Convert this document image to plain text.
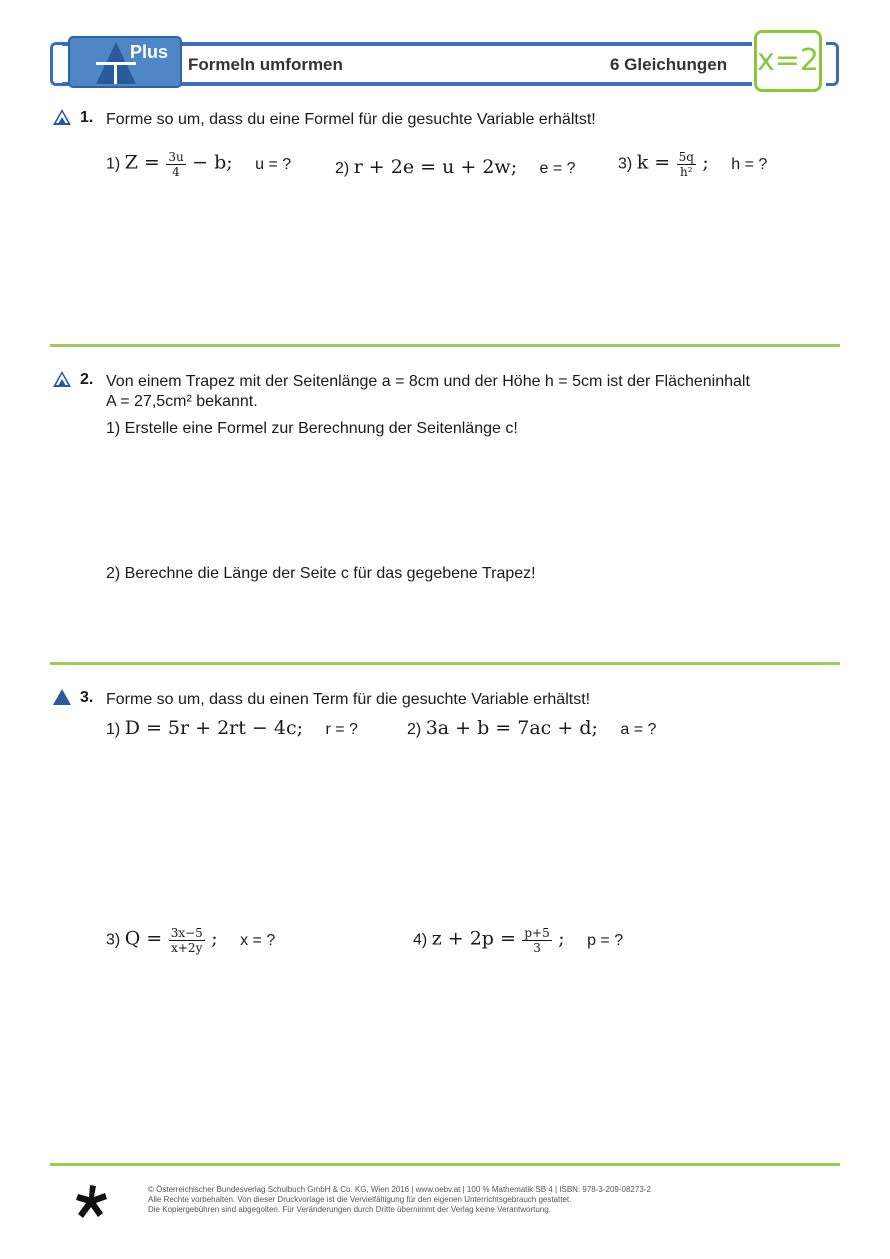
Plus
Formeln umformen	6 Gleichungen x=2
1. Forme so um, dass du eine Formel für die gesuchte Variable erhältst!
1) $Z = \frac{3u}{4} - b$; u = ?	2) r + 2e = u + 2w; e = ?	3) $k = \frac{5q}{\text{h²}}$ ; h = ?
2. Von einem Trapez mit der Seitenlänge a = 8cm und der Höhe h = 5cm ist der Flächeninhalt
A = 27,5cm² bekannt.
1) Erstelle eine Formel zur Berechnung der Seitenlänge c!
2) Berechne die Länge der Seite c für das gegebene Trapez!
3. Forme so um, dass du einen Term für die gesuchte Variable erhältst!
1) D = 5r + 2rt − 4c; r = ?	2) 3a + b = 7ac + d; a = ?
3) $Q = \frac{3x-5}{x+2y}$ ; x = ?	4) $z + 2p = \frac{p+5}{3}$ ; p = ?
© Österreichischer Bundesverlag Schulbuch GmbH & Co. KG, Wien 2016 | www.oebv.at | 100 % Mathematik SB 4 | ISBN: 978-3-209-08273-2
Alle Rechte vorbehalten. Von dieser Druckvorlage ist die Vervielfältigung für den eigenen Unterrichtsgebrauch gestattet.
Die Kopiergebühren sind abgegolten. Für Veränderungen durch Dritte übernimmt der Verlag keine Verantwortung.
